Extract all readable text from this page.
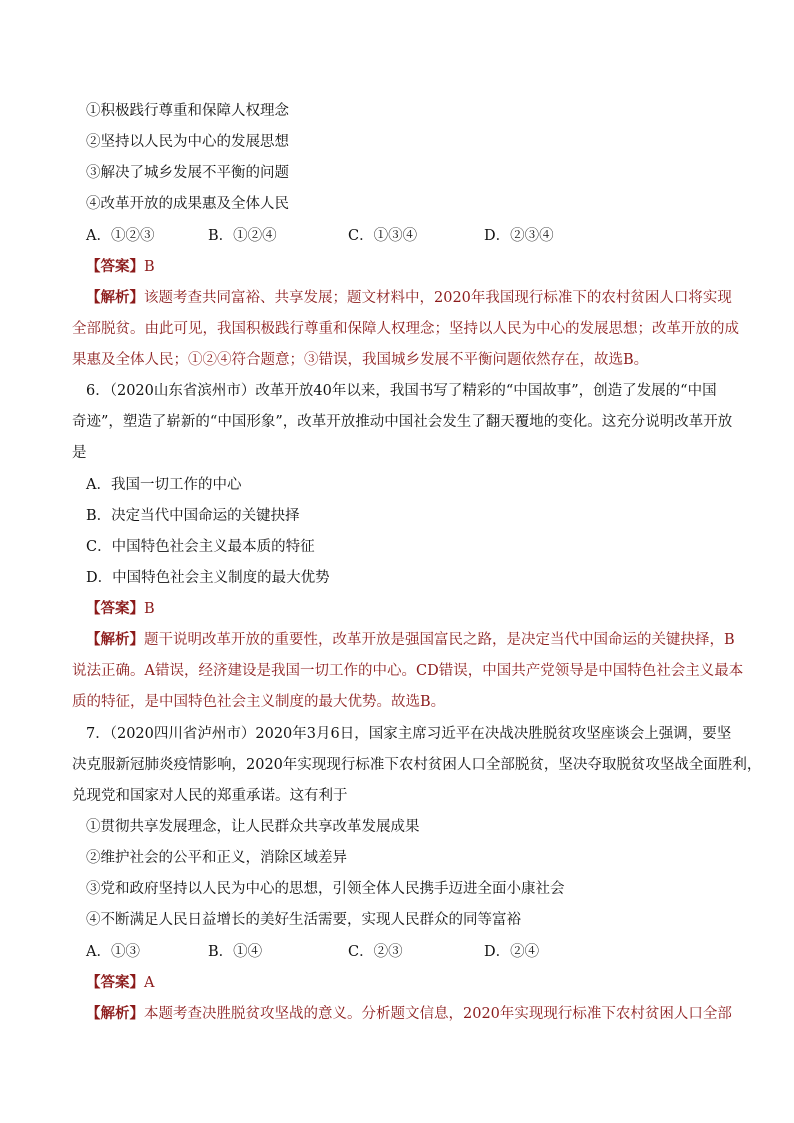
①积极践行尊重和保障人权理念
②坚持以人民为中心的发展思想
③解决了城乡发展不平衡的问题
④改革开放的成果惠及全体人民
A．①②③	B．①②④	C．①③④	D．②③④
【答案】B
【解析】该题考查共同富裕、共享发展；题文材料中，2020年我国现行标准下的农村贫困人口将实现
全部脱贫。由此可见，我国积极践行尊重和保障人权理念；坚持以人民为中心的发展思想；改革开放的成
果惠及全体人民；①②④符合题意；③错误，我国城乡发展不平衡问题依然存在，故选B。
6．（2020山东省滨州市）改革开放40年以来，我国书写了精彩的“中国故事”，创造了发展的“中国
奇迹”，塑造了崭新的“中国形象”，改革开放推动中国社会发生了翻天覆地的变化。这充分说明改革开放
是
A．我国一切工作的中心
B．决定当代中国命运的关键抉择
C．中国特色社会主义最本质的特征
D．中国特色社会主义制度的最大优势
【答案】B
【解析】题干说明改革开放的重要性，改革开放是强国富民之路，是决定当代中国命运的关键抉择，B
说法正确。A错误，经济建设是我国一切工作的中心。CD错误，中国共产党领导是中国特色社会主义最本
质的特征，是中国特色社会主义制度的最大优势。故选B。
7．（2020四川省泸州市）2020年3月6日，国家主席习近平在决战决胜脱贫攻坚座谈会上强调，要坚
决克服新冠肺炎疫情影响，2020年实现现行标准下农村贫困人口全部脱贫，坚决夺取脱贫攻坚战全面胜利，
兑现党和国家对人民的郑重承诺。这有利于
①贯彻共享发展理念，让人民群众共享改革发展成果
②维护社会的公平和正义，消除区域差异
③党和政府坚持以人民为中心的思想，引领全体人民携手迈进全面小康社会
④不断满足人民日益增长的美好生活需要，实现人民群众的同等富裕
A．①③	B．①④	C．②③	D．②④
【答案】A
【解析】本题考查决胜脱贫攻坚战的意义。分析题文信息，2020年实现现行标准下农村贫困人口全部
